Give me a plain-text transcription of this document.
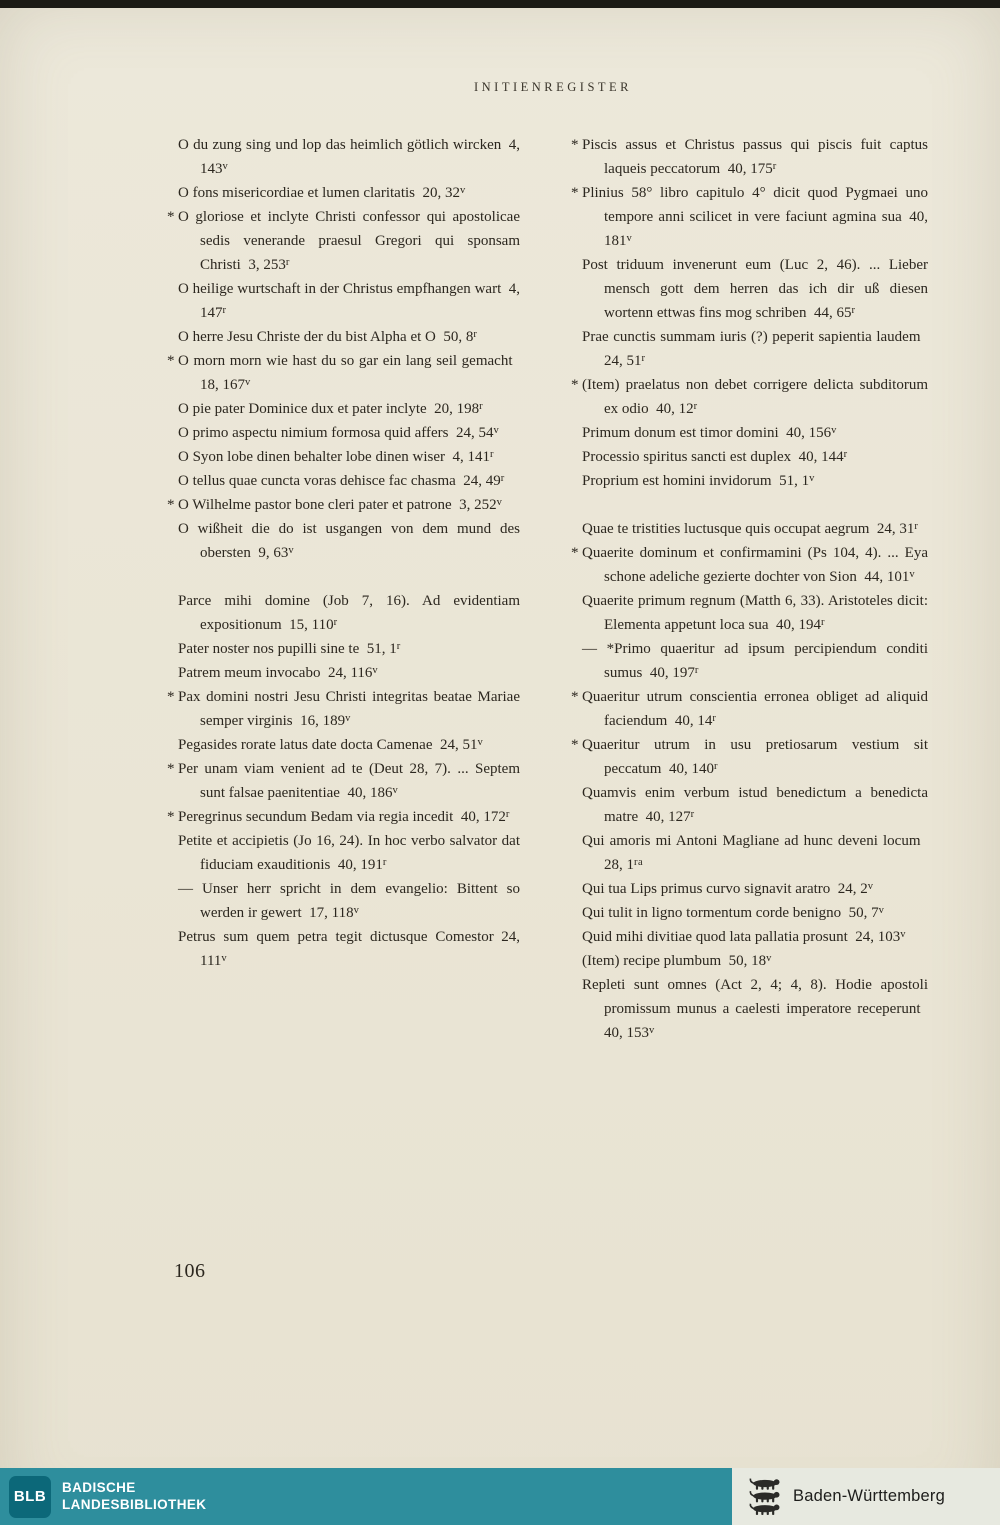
INITIENREGISTER

O du zung sing und lop das heimlich götlich wircken 4, 143$^v$

O fons misericordiae et lumen claritatis 20, 32$^v$

* O gloriose et inclyte Christi confessor qui apostolicae sedis venerande praesul Gregori qui sponsam Christi 3, 253$^r$

O heilige wurtschaft in der Christus empfhangen wart 4, 147$^r$

O herre Jesu Christe der du bist Alpha et O 50, 8$^r$

* O morn morn wie hast du so gar ein lang seil gemacht 18, 167$^v$

O pie pater Dominice dux et pater inclyte 20, 198$^r$

O primo aspectu nimium formosa quid affers 24, 54$^v$

O Syon lobe dinen behalter lobe dinen wiser 4, 141$^r$

O tellus quae cuncta voras dehisce fac chasma 24, 49$^r$

* O Wilhelme pastor bone cleri pater et patrone 3, 252$^v$

O wißheit die do ist usgangen von dem mund des obersten 9, 63$^v$

Parce mihi domine (Job 7, 16). Ad evidentiam expositionum 15, 110$^r$

Pater noster nos pupilli sine te 51, 1$^r$

Patrem meum invocabo 24, 116$^v$

* Pax domini nostri Jesu Christi integritas beatae Mariae semper virginis 16, 189$^v$

Pegasides rorate latus date docta Camenae 24, 51$^v$

* Per unam viam venient ad te (Deut 28, 7). ... Septem sunt falsae paenitentiae 40, 186$^v$

* Peregrinus secundum Bedam via regia incedit 40, 172$^r$

Petite et accipietis (Jo 16, 24). In hoc verbo salvator dat fiduciam exauditionis 40, 191$^r$

— Unser herr spricht in dem evangelio: Bittent so werden ir gewert 17, 118$^v$

Petrus sum quem petra tegit dictusque Comestor 24, 111$^v$

* Piscis assus et Christus passus qui piscis fuit captus laqueis peccatorum 40, 175$^r$

* Plinius 58° libro capitulo 4° dicit quod Pygmaei uno tempore anni scilicet in vere faciunt agmina sua 40, 181$^v$

Post triduum invenerunt eum (Luc 2, 46). ... Lieber mensch gott dem herren das ich dir uß diesen wortenn ettwas fins mog schriben 44, 65$^r$

Prae cunctis summam iuris (?) peperit sapientia laudem 24, 51$^r$

* (Item) praelatus non debet corrigere delicta subditorum ex odio 40, 12$^r$

Primum donum est timor domini 40, 156$^v$

Processio spiritus sancti est duplex 40, 144$^r$

Proprium est homini invidorum 51, 1$^v$

Quae te tristities luctusque quis occupat aegrum 24, 31$^r$

* Quaerite dominum et confirmamini (Ps 104, 4). ... Eya schone adeliche gezierte dochter von Sion 44, 101$^v$

Quaerite primum regnum (Matth 6, 33). Aristoteles dicit: Elementa appetunt loca sua 40, 194$^r$

— *Primo quaeritur ad ipsum percipiendum conditi sumus 40, 197$^r$

* Quaeritur utrum conscientia erronea obliget ad aliquid faciendum 40, 14$^r$

* Quaeritur utrum in usu pretiosarum vestium sit peccatum 40, 140$^r$

Quamvis enim verbum istud benedictum a benedicta matre 40, 127$^r$

Qui amoris mi Antoni Magliane ad hunc deveni locum 28, $1^{ra}$

Qui tua Lips primus curvo signavit aratro 24, 2$^v$

Qui tulit in ligno tormentum corde benigno 50, 7$^v$

Quid mihi divitiae quod lata pallatia prosunt 24, 103$^v$

(Item) recipe plumbum 50, 18$^v$

Repleti sunt omnes (Act 2, 4; 4, 8). Hodie apostoli promissum munus a caelesti imperatore receperunt 40, 153$^v$

106
BLB
BADISCHE
LANDESBIBLIOTHEK	Baden-Württemberg
